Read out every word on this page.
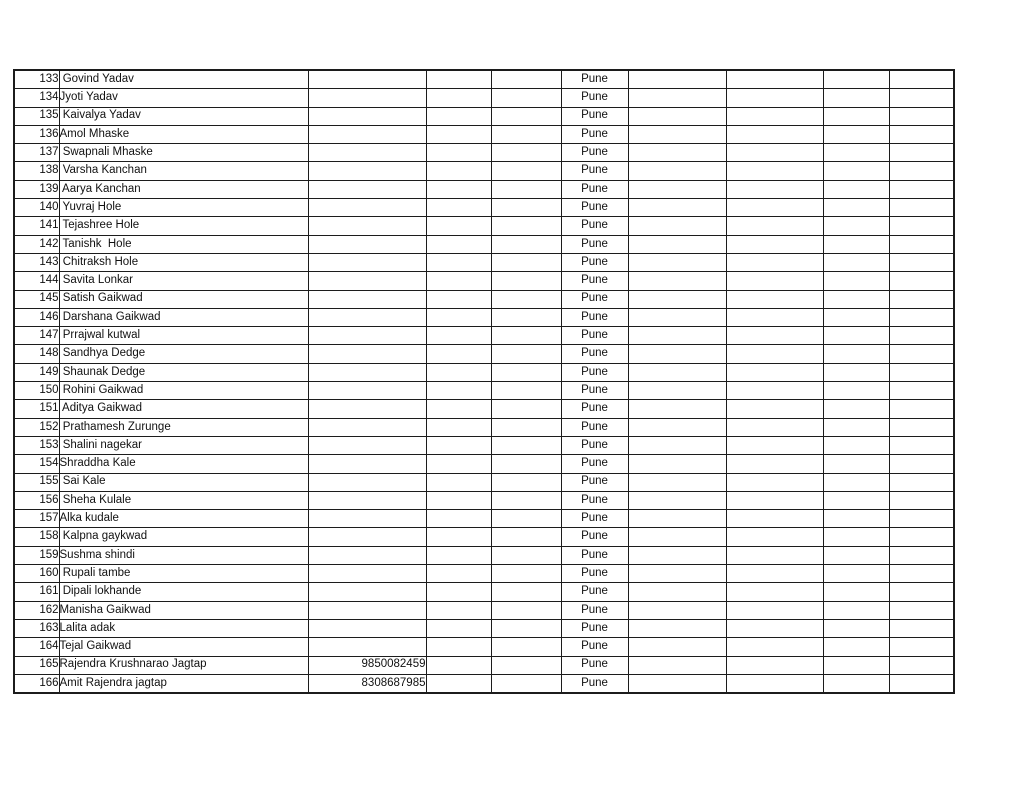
133	Govind Yadav				Pune				
134	Jyoti Yadav				Pune				
135	Kaivalya Yadav				Pune				
136	Amol Mhaske				Pune				
137	Swapnali Mhaske				Pune				
138	Varsha Kanchan				Pune				
139	Aarya Kanchan				Pune				
140	Yuvraj Hole				Pune				
141	Tejashree Hole				Pune				
142	Tanishk  Hole				Pune				
143	Chitraksh Hole				Pune				
144	Savita Lonkar				Pune				
145	Satish Gaikwad				Pune				
146	Darshana Gaikwad				Pune				
147	Prrajwal kutwal				Pune				
148	Sandhya Dedge				Pune				
149	Shaunak Dedge				Pune				
150	Rohini Gaikwad				Pune				
151	Aditya Gaikwad				Pune				
152	Prathamesh Zurunge				Pune				
153	Shalini nagekar				Pune				
154	Shraddha Kale				Pune				
155	Sai Kale				Pune				
156	Sheha Kulale				Pune				
157	Alka kudale				Pune				
158	Kalpna gaykwad				Pune				
159	Sushma shindi				Pune				
160	Rupali tambe				Pune				
161	Dipali lokhande				Pune				
162	Manisha Gaikwad				Pune				
163	Lalita adak				Pune				
164	Tejal Gaikwad				Pune				
165	Rajendra Krushnarao Jagtap	9850082459			Pune				
166	Amit Rajendra jagtap	8308687985			Pune				
